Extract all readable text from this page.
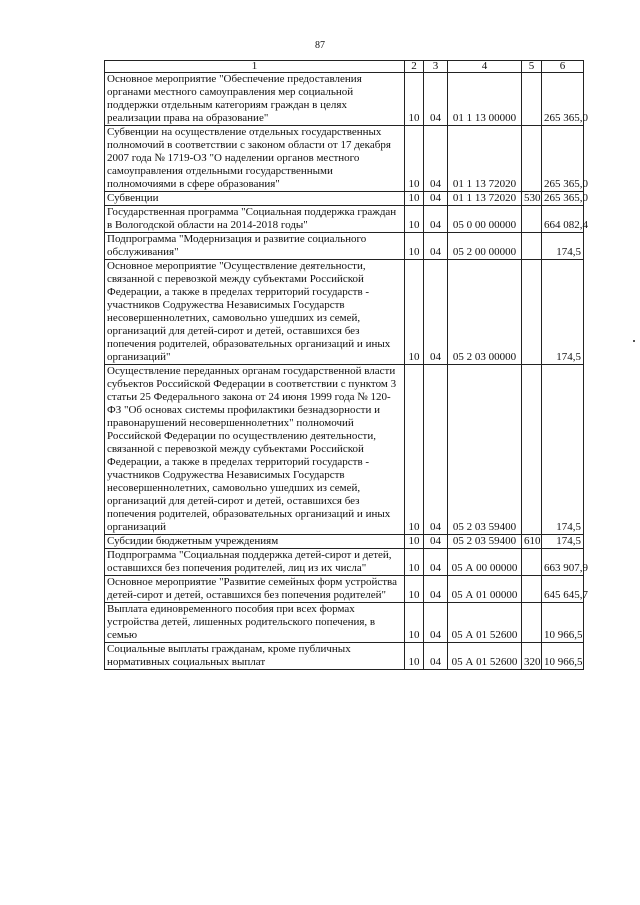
87
1	2	3	4	5	6
Основное мероприятие "Обеспечение предоставления органами местного самоуправления мер социальной поддержки отдельным категориям граждан в целях реализации права на образование"	10	04	01 1 13 00000		265 365,0
Субвенции на осуществление отдельных государственных полномочий в соответствии с законом области от 17 декабря 2007 года № 1719-ОЗ "О наделении органов местного самоуправления отдельными государственными полномочиями в сфере образования"	10	04	01 1 13 72020		265 365,0
Субвенции	10	04	01 1 13 72020	530	265 365,0
Государственная программа "Социальная поддержка граждан в Вологодской области на 2014-2018 годы"	10	04	05 0 00 00000		664 082,4
Подпрограмма "Модернизация и развитие социального обслуживания"	10	04	05 2 00 00000		174,5
Основное мероприятие "Осуществление деятельности, связанной с перевозкой между субъектами Российской Федерации, а также в пределах территорий государств - участников Содружества Независимых Государств несовершеннолетних, самовольно ушедших из семей, организаций для детей-сирот и детей, оставшихся без попечения родителей, образовательных организаций и иных организаций"	10	04	05 2 03 00000		174,5
Осуществление переданных органам государственной власти субъектов Российской Федерации в соответствии с пунктом 3 статьи 25 Федерального закона от 24 июня 1999 года № 120-ФЗ "Об основах системы профилактики безнадзорности и правонарушений несовершеннолетних" полномочий Российской Федерации по осуществлению деятельности, связанной с перевозкой между субъектами Российской Федерации, а также в пределах территорий государств - участников Содружества Независимых Государств несовершеннолетних, самовольно ушедших из семей, организаций для детей-сирот и детей, оставшихся без попечения родителей, образовательных организаций и иных организаций	10	04	05 2 03 59400		174,5
Субсидии бюджетным учреждениям	10	04	05 2 03 59400	610	174,5
Подпрограмма "Социальная поддержка детей-сирот и детей, оставшихся без попечения родителей, лиц из их числа"	10	04	05 А 00 00000		663 907,9
Основное мероприятие "Развитие семейных форм устройства детей-сирот и детей, оставшихся без попечения родителей"	10	04	05 А 01 00000		645 645,7
Выплата единовременного пособия при всех формах устройства детей, лишенных родительского попечения, в семью	10	04	05 А 01 52600		10 966,5
Социальные выплаты гражданам, кроме публичных нормативных социальных выплат	10	04	05 А 01 52600	320	10 966,5
